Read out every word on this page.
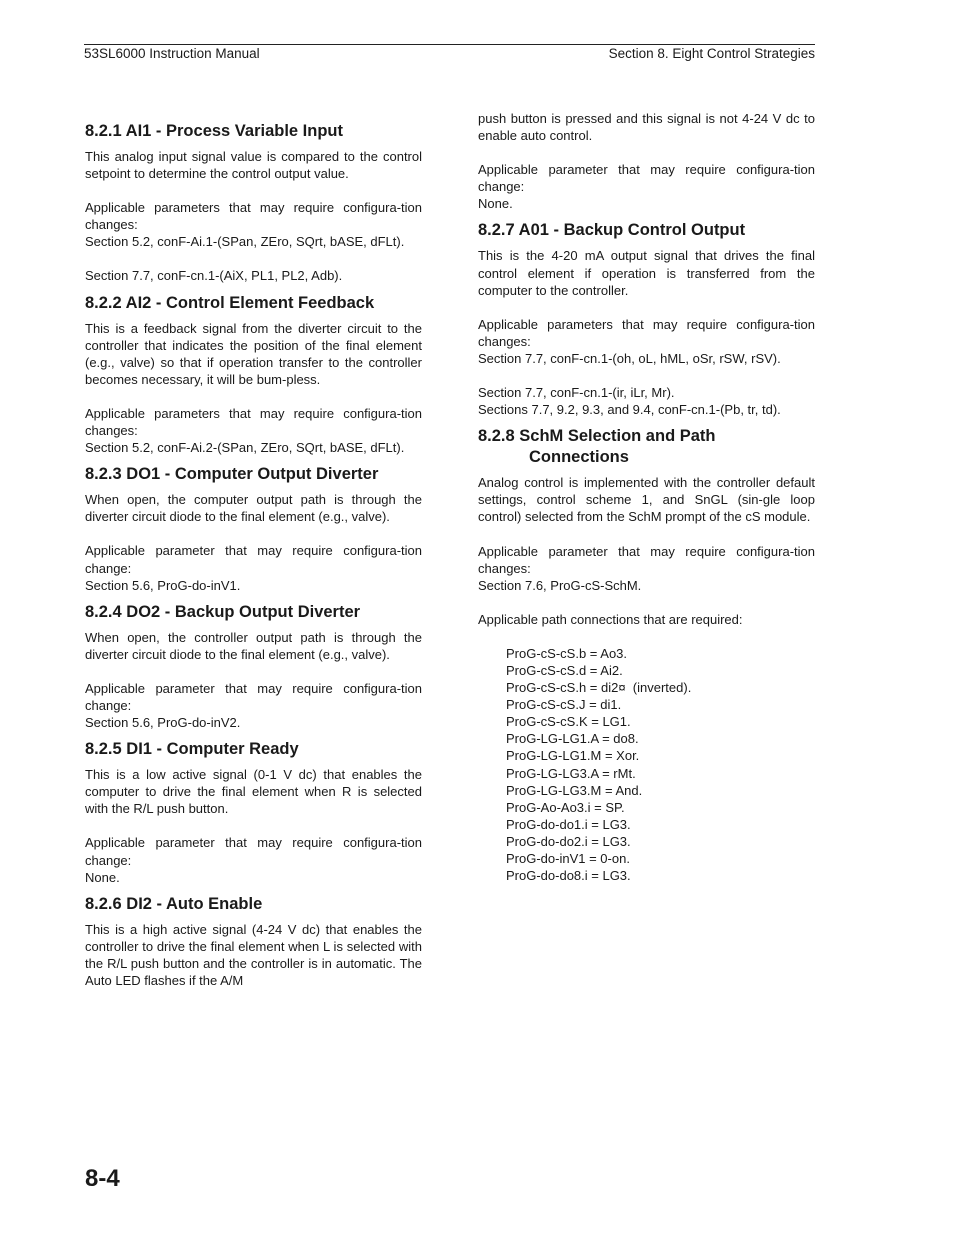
53SL6000 Instruction Manual	Section 8. Eight Control Strategies
8.2.1 AI1 - Process Variable Input

This analog input signal value is compared to the control setpoint to determine the control output value.

Applicable parameters that may require configura-tion changes:

Section 5.2, conF-Ai.1-(SPan, ZEro, SQrt, bASE, dFLt).

Section 7.7, conF-cn.1-(AiX, PL1, PL2, Adb).

8.2.2 AI2 - Control Element Feedback

This is a feedback signal from the diverter circuit to the controller that indicates the position of the final element (e.g., valve) so that if operation transfer to the controller becomes necessary, it will be bum-pless.

Applicable parameters that may require configura-tion changes:

Section 5.2, conF-Ai.2-(SPan, ZEro, SQrt, bASE, dFLt).

8.2.3 DO1 - Computer Output Diverter

When open, the computer output path is through the diverter circuit diode to the final element (e.g., valve).

Applicable parameter that may require configura-tion change:

Section 5.6, ProG-do-inV1.

8.2.4 DO2 - Backup Output Diverter

When open, the controller output path is through the diverter circuit diode to the final element (e.g., valve).

Applicable parameter that may require configura-tion change:

Section 5.6, ProG-do-inV2.

8.2.5 DI1 - Computer Ready

This is a low active signal (0-1 V dc) that enables the computer to drive the final element when R is selected with the R/L push button.

Applicable parameter that may require configura-tion change:

None.

8.2.6 DI2 - Auto Enable

This is a high active signal (4-24 V dc) that enables the controller to drive the final element when L is selected with the R/L push button and the controller is in automatic. The Auto LED flashes if the A/M

push button is pressed and this signal is not 4-24 V dc to enable auto control.

Applicable parameter that may require configura-tion change:

None.

8.2.7 A01 - Backup Control Output

This is the 4-20 mA output signal that drives the final control element if operation is transferred from the computer to the controller.

Applicable parameters that may require configura-tion changes:

Section 7.7, conF-cn.1-(oh, oL, hML, oSr, rSW, rSV).

Section 7.7, conF-cn.1-(ir, iLr, Mr).

Sections 7.7, 9.2, 9.3, and 9.4, conF-cn.1-(Pb, tr, td).

8.2.8 SchM Selection and Path
Connections

Analog control is implemented with the controller default settings, control scheme 1, and SnGL (sin-gle loop control) selected from the SchM prompt of the cS module.

Applicable parameter that may require configura-tion changes:

Section 7.6, ProG-cS-SchM.

Applicable path connections that are required:

ProG-cS-cS.b = Ao3.
ProG-cS-cS.d = Ai2.
ProG-cS-cS.h = di2¤  (inverted).
ProG-cS-cS.J = di1.
ProG-cS-cS.K = LG1.
ProG-LG-LG1.A = do8.
ProG-LG-LG1.M = Xor.
ProG-LG-LG3.A = rMt.
ProG-LG-LG3.M = And.
ProG-Ao-Ao3.i = SP.
ProG-do-do1.i = LG3.
ProG-do-do2.i = LG3.
ProG-do-inV1 = 0-on.
ProG-do-do8.i = LG3.
8-4
